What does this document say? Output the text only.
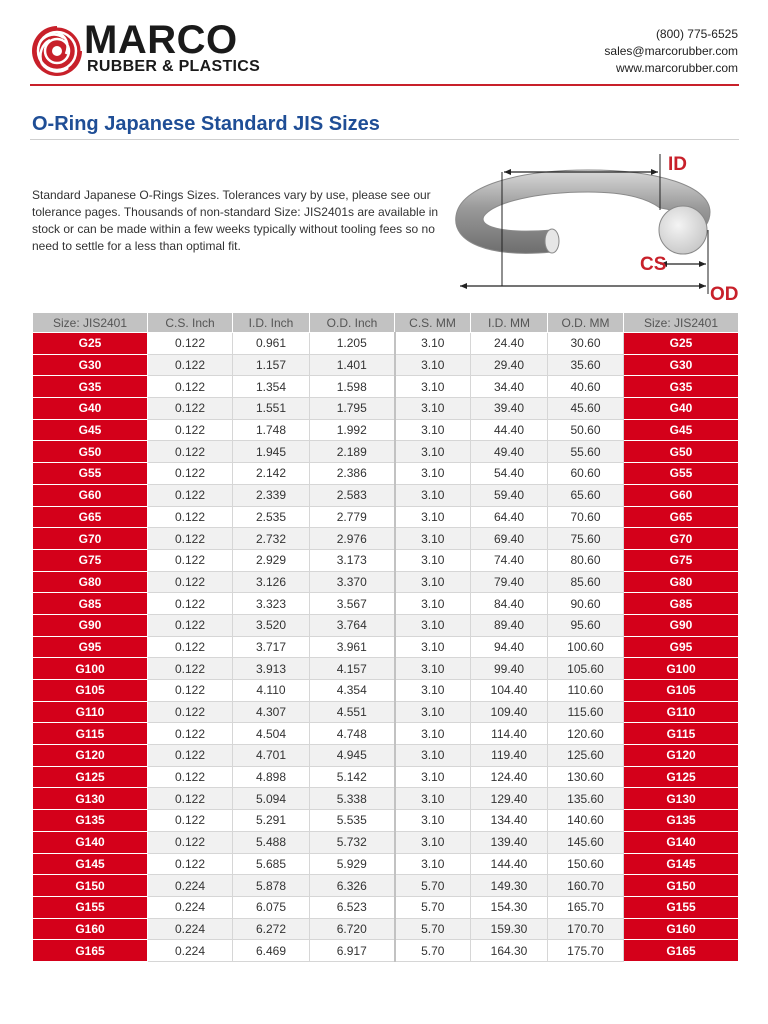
MARCO
RUBBER & PLASTICS
(800) 775-6525
sales@marcorubber.com
www.marcorubber.com
O-Ring Japanese Standard JIS Sizes

Standard Japanese O-Rings Sizes. Tolerances vary by use, please see our tolerance pages. Thousands of non-standard Size: JIS2401s are available in stock or can be made within a few weeks typically without tooling fees so no need to settle for a less than optimal fit.

ID
CS
OD
Size: JIS2401	C.S. Inch	I.D. Inch	O.D. Inch	C.S. MM	I.D. MM	O.D. MM	Size: JIS2401
G25	0.122	0.961	1.205	3.10	24.40	30.60	G25
G30	0.122	1.157	1.401	3.10	29.40	35.60	G30
G35	0.122	1.354	1.598	3.10	34.40	40.60	G35
G40	0.122	1.551	1.795	3.10	39.40	45.60	G40
G45	0.122	1.748	1.992	3.10	44.40	50.60	G45
G50	0.122	1.945	2.189	3.10	49.40	55.60	G50
G55	0.122	2.142	2.386	3.10	54.40	60.60	G55
G60	0.122	2.339	2.583	3.10	59.40	65.60	G60
G65	0.122	2.535	2.779	3.10	64.40	70.60	G65
G70	0.122	2.732	2.976	3.10	69.40	75.60	G70
G75	0.122	2.929	3.173	3.10	74.40	80.60	G75
G80	0.122	3.126	3.370	3.10	79.40	85.60	G80
G85	0.122	3.323	3.567	3.10	84.40	90.60	G85
G90	0.122	3.520	3.764	3.10	89.40	95.60	G90
G95	0.122	3.717	3.961	3.10	94.40	100.60	G95
G100	0.122	3.913	4.157	3.10	99.40	105.60	G100
G105	0.122	4.110	4.354	3.10	104.40	110.60	G105
G110	0.122	4.307	4.551	3.10	109.40	115.60	G110
G115	0.122	4.504	4.748	3.10	114.40	120.60	G115
G120	0.122	4.701	4.945	3.10	119.40	125.60	G120
G125	0.122	4.898	5.142	3.10	124.40	130.60	G125
G130	0.122	5.094	5.338	3.10	129.40	135.60	G130
G135	0.122	5.291	5.535	3.10	134.40	140.60	G135
G140	0.122	5.488	5.732	3.10	139.40	145.60	G140
G145	0.122	5.685	5.929	3.10	144.40	150.60	G145
G150	0.224	5.878	6.326	5.70	149.30	160.70	G150
G155	0.224	6.075	6.523	5.70	154.30	165.70	G155
G160	0.224	6.272	6.720	5.70	159.30	170.70	G160
G165	0.224	6.469	6.917	5.70	164.30	175.70	G165
